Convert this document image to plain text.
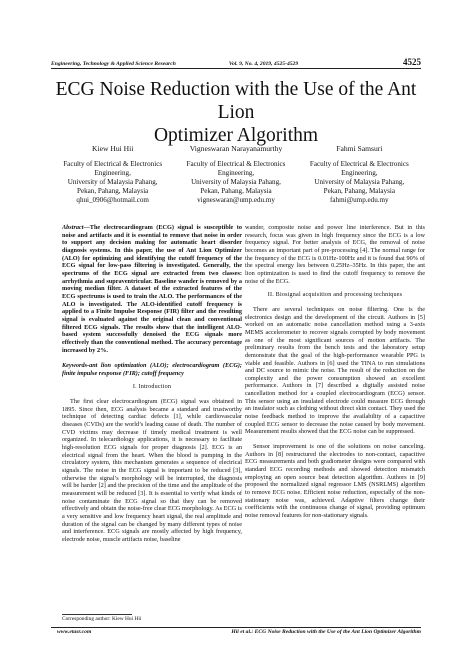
Engineering, Technology & Applied Science Research	Vol. 9, No. 4, 2019, 4525-4529	4525
ECG Noise Reduction with the Use of the Ant Lion
Optimizer Algorithm
Kiew Hui Hii
Faculty of Electrical & Electronics
Engineering,
University of Malaysia Pahang,
Pekan, Pahang, Malaysia
qhui_0906@hotmail.com
Vigneswaran Narayanamurthy
Faculty of Electrical & Electronics
Engineering,
University of Malaysia Pahang,
Pekan, Pahang, Malaysia
vigneswaran@ump.edu.my
Fahmi Samsuri
Faculty of Electrical & Electronics
Engineering,
University of Malaysia Pahang,
Pekan, Pahang, Malaysia
fahmi@ump.edu.my

Abstract—The electrocardiogram (ECG) signal is susceptible to noise and artifacts and it is essential to remove that noise in order to support any decision making for automatic heart disorder diagnosis systems. In this paper, the use of Ant Lion Optimizer (ALO) for optimizing and identifying the cutoff frequency of the ECG signal for low-pass filtering is investigated. Generally, the spectrums of the ECG signal are extracted from two classes: arrhythmia and supraventricular. Baseline wander is removed by a moving median filter. A dataset of the extracted features of the ECG spectrums is used to train the ALO. The performances of the ALO is investigated. The ALO-identified cutoff frequency is applied to a Finite Impulse Response (FIR) filter and the resulting signal is evaluated against the original clean and conventional filtered ECG signals. The results show that the intelligent ALO-based system successfully denoised the ECG signals more effectively than the conventional method. The accuracy percentage increased by 2%.

Keywords-ant lion optimization (ALO); electrocardiogram (ECG); finite impulse response (FIR); cutoff frequency

I. Introduction

The first clear electrocardiogram (ECG) signal was obtained in 1895. Since then, ECG analysis became a standard and trustworthy technique of detecting cardiac defects [1], while cardiovascular diseases (CVDs) are the world’s leading cause of death. The number of CVD victims may decrease if timely medical treatment is well organized. In telecardiology applications, it is necessary to facilitate high-resolution ECG signals for proper diagnosis [2]. ECG is an electrical signal from the heart. When the blood is pumping in the circulatory system, this mechanism generates a sequence of electrical signals. The noise in the ECG signal is important to be reduced [3], otherwise the signal’s morphology will be interrupted, the diagnosis will be harder [2] and the precision of the time and the amplitude of the measurement will be reduced [3]. It is essential to verify what kinds of noise contaminate the ECG signal so that they can be removed effectively and obtain the noise-free clear ECG morphology. As ECG is a very sensitive and low frequency heart signal, the real amplitude and duration of the signal can be changed by many different types of noise and interference. ECG signals are mostly affected by high frequency, electrode noise, muscle artifacts noise, baseline

wander, composite noise and power line interference. But in this research, focus was given in high frequency since the ECG is a low frequency signal. For better analysis of ECG, the removal of noise becomes an important part of pre-processing [4]. The normal range for the frequency of the ECG is 0.01Hz-100Hz and it is found that 90% of the spectral energy lies between 0.25Hz–35Hz. In this paper, the ant lion optimization is used to find the cutoff frequency to remove the noise of the ECG.

II. Biosignal acquisition and processing techniques

There are several techniques on noise filtering. One is the electronics design and the development of the circuit. Authors in [5] worked on an automatic noise cancellation method using a 3-axis MEMS accelerometer to recover signals corrupted by body movement as one of the most significant sources of motion artifacts. The preliminary results from the bench tests and the laboratory setup demonstrate that the goal of the high-performance wearable PPG is viable and feasible. Authors in [6] used the TINA to run simulations and DC source to mimic the noise. The result of the reduction on the complexity and the power consumption showed an excellent performance. Authors in [7] described a digitally assisted noise cancellation method for a coupled electrocardiogram (ECG) sensor. This sensor using an insulated electrode could measure ECG through an insulator such as clothing without direct skin contact. They used the noise feedback method to improve the availability of a capacitive coupled ECG sensor to decrease the noise caused by body movement. Measurement results showed that the ECG noise can be suppressed.

Sensor improvement is one of the solutions on noise canceling. Authors in [8] restructured the electrodes to non-contact, capacitive ECG measurements and both gradiometer designs were compared with standard ECG recording methods and showed detection mismatch employing an open source beat detection algorithm. Authors in [9] proposed the normalized signal regressor LMS (NSRLMS) algorithm to remove ECG noise. Efficient noise reduction, especially of the non-stationary noise was, achieved. Adaptive filters change their coefficients with the continuous change of signal, providing optimum noise removal features for non-stationary signals.

Corresponding author: Kiew Hui Hii
www.etasr.com	Hii et al.: ECG Noise Reduction with the Use of the Ant Lion Optimizer Algorithm
